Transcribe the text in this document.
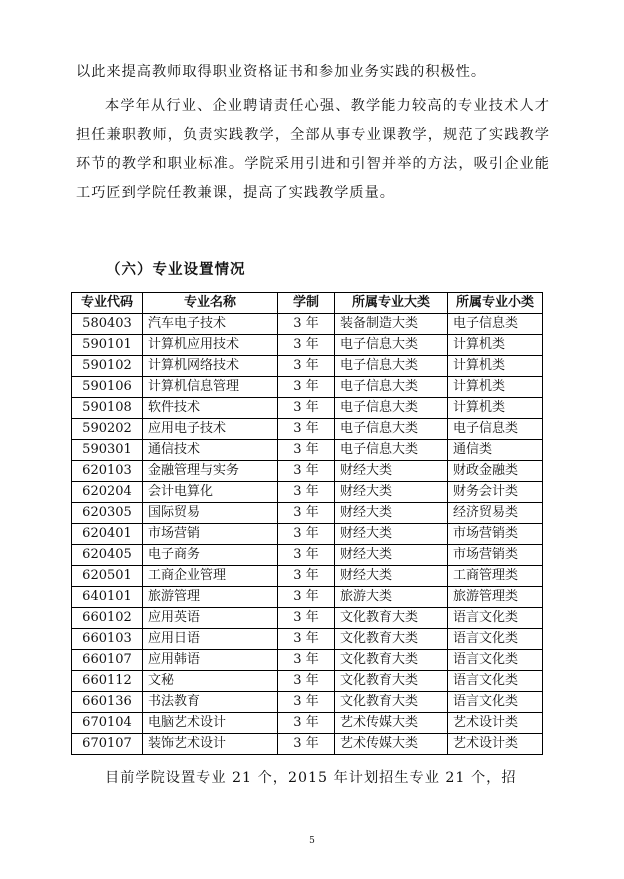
以此来提高教师取得职业资格证书和参加业务实践的积极性。

本学年从行业、企业聘请责任心强、教学能力较高的专业技术人才担任兼职教师，负责实践教学，全部从事专业课教学，规范了实践教学环节的教学和职业标准。学院采用引进和引智并举的方法，吸引企业能工巧匠到学院任教兼课，提高了实践教学质量。

（六）专业设置情况
专业代码	专业名称	学制	所属专业大类	所属专业小类
580403	汽车电子技术	3 年	装备制造大类	电子信息类
590101	计算机应用技术	3 年	电子信息大类	计算机类
590102	计算机网络技术	3 年	电子信息大类	计算机类
590106	计算机信息管理	3 年	电子信息大类	计算机类
590108	软件技术	3 年	电子信息大类	计算机类
590202	应用电子技术	3 年	电子信息大类	电子信息类
590301	通信技术	3 年	电子信息大类	通信类
620103	金融管理与实务	3 年	财经大类	财政金融类
620204	会计电算化	3 年	财经大类	财务会计类
620305	国际贸易	3 年	财经大类	经济贸易类
620401	市场营销	3 年	财经大类	市场营销类
620405	电子商务	3 年	财经大类	市场营销类
620501	工商企业管理	3 年	财经大类	工商管理类
640101	旅游管理	3 年	旅游大类	旅游管理类
660102	应用英语	3 年	文化教育大类	语言文化类
660103	应用日语	3 年	文化教育大类	语言文化类
660107	应用韩语	3 年	文化教育大类	语言文化类
660112	文秘	3 年	文化教育大类	语言文化类
660136	书法教育	3 年	文化教育大类	语言文化类
670104	电脑艺术设计	3 年	艺术传媒大类	艺术设计类
670107	装饰艺术设计	3 年	艺术传媒大类	艺术设计类

目前学院设置专业 21 个，2015 年计划招生专业 21 个，招

5
